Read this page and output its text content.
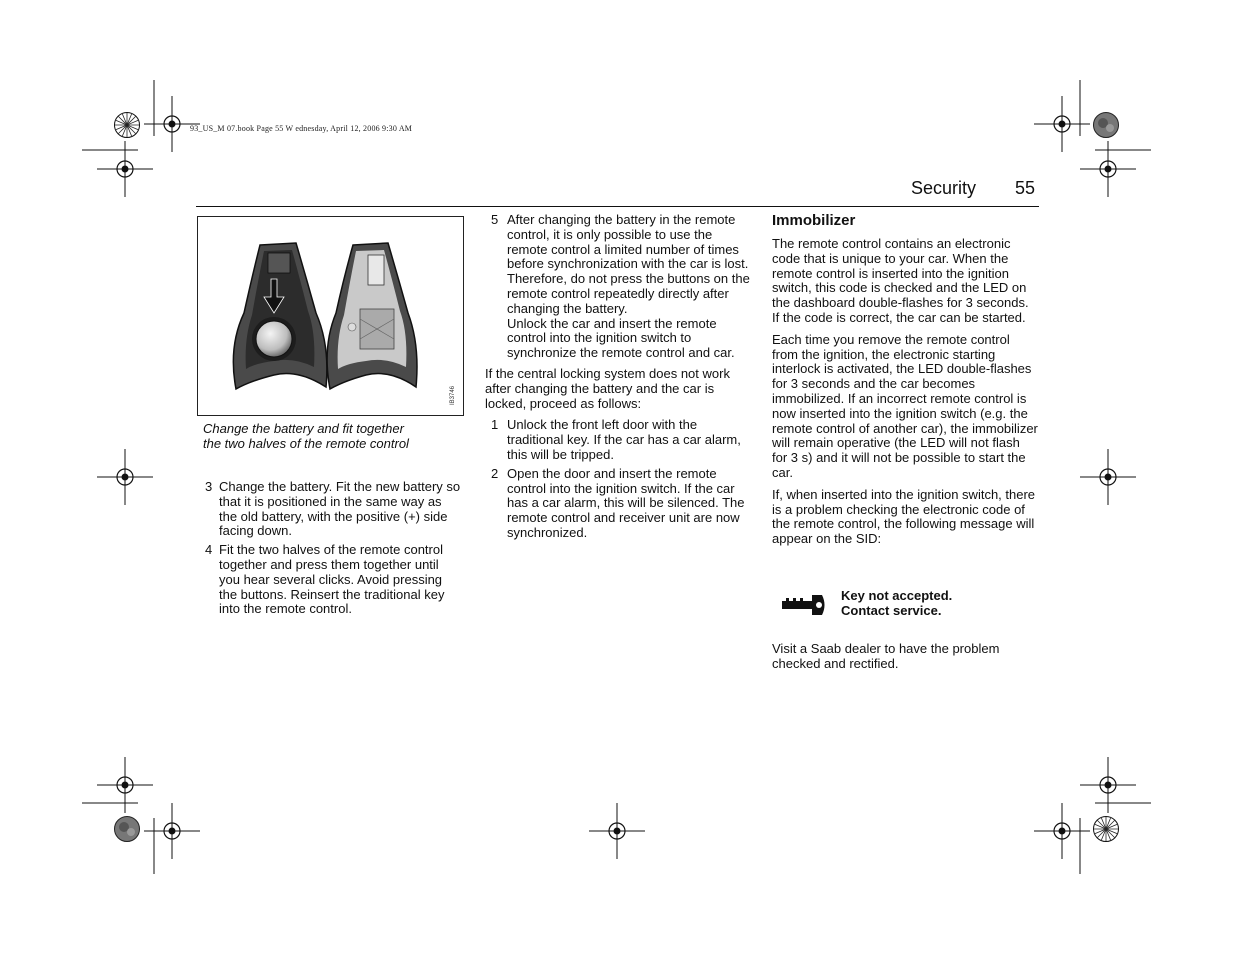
93_US_M 07.book Page 55 W ednesday, April 12, 2006 9:30 AM
Security 55
IB3746
Change the battery and fit together
the two halves of the remote control
3 Change the battery. Fit the new battery so that it is positioned in the same way as the old battery, with the positive (+) side facing down.
4 Fit the two halves of the remote control together and press them together until you hear several clicks. Avoid pressing the buttons. Reinsert the traditional key into the remote control.
5 After changing the battery in the remote control, it is only possible to use the remote control a limited number of times before synchronization with the car is lost. Therefore, do not press the buttons on the remote control repeatedly directly after changing the battery.
Unlock the car and insert the remote control into the ignition switch to synchronize the remote control and car.

If the central locking system does not work after changing the battery and the car is locked, proceed as follows:

1 Unlock the front left door with the traditional key. If the car has a car alarm, this will be tripped.
2 Open the door and insert the remote control into the ignition switch. If the car has a car alarm, this will be silenced. The remote control and receiver unit are now synchronized.
Immobilizer

The remote control contains an electronic code that is unique to your car. When the remote control is inserted into the ignition switch, this code is checked and the LED on the dashboard double-flashes for 3 seconds. If the code is correct, the car can be started.

Each time you remove the remote control from the ignition, the electronic starting interlock is activated, the LED double-flashes for 3 seconds and the car becomes immobilized. If an incorrect remote control is now inserted into the ignition switch (e.g. the remote control of another car), the immobilizer will remain operative (the LED will not flash for 3 s) and it will not be possible to start the car.

If, when inserted into the ignition switch, there is a problem checking the electronic code of the remote control, the following message will appear on the SID:

Key not accepted.
Contact service.
Visit a Saab dealer to have the problem checked and rectified.
